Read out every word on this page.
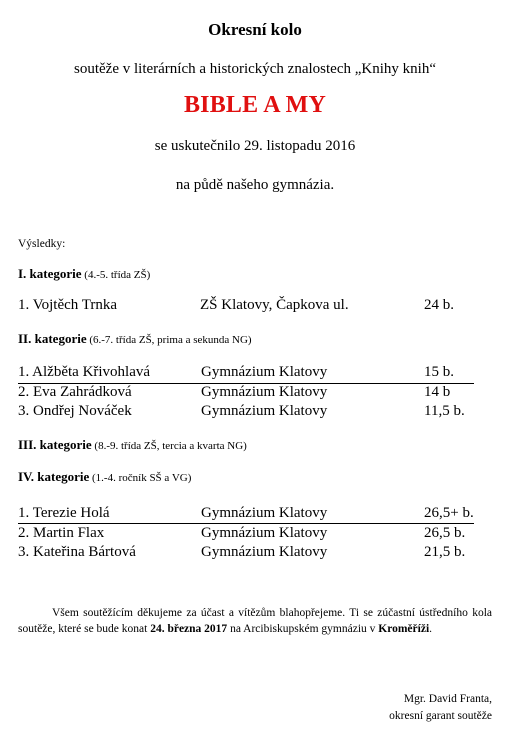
Okresní kolo
soutěže v literárních a historických znalostech „Knihy knih“
BIBLE A MY
se uskutečnilo 29. listopadu 2016
na půdě našeho gymnázia.
Výsledky:
I. kategorie (4.-5. třída ZŠ)
1. Vojtěch Trnka	ZŠ Klatovy, Čapkova ul.	24 b.
II. kategorie (6.-7. třída ZŠ, prima a sekunda NG)
1. Alžběta Křivohlavá	Gymnázium Klatovy	15 b.
2. Eva Zahrádková	Gymnázium Klatovy	14 b
3. Ondřej Nováček	Gymnázium Klatovy	11,5 b.
III. kategorie (8.-9. třída ZŠ, tercia a kvarta NG)
IV. kategorie (1.-4. ročník SŠ a VG)
1. Terezie Holá	Gymnázium Klatovy	26,5+ b.
2. Martin Flax	Gymnázium Klatovy	26,5 b.
3. Kateřina Bártová	Gymnázium Klatovy	21,5 b.

Všem soutěžícím děkujeme za účast a vítězům blahopřejeme. Ti se zúčastní ústředního kola soutěže, které se bude konat 24. března 2017 na Arcibiskupském gymnáziu v Kroměříži.

Mgr. David Franta,
okresní garant soutěže
